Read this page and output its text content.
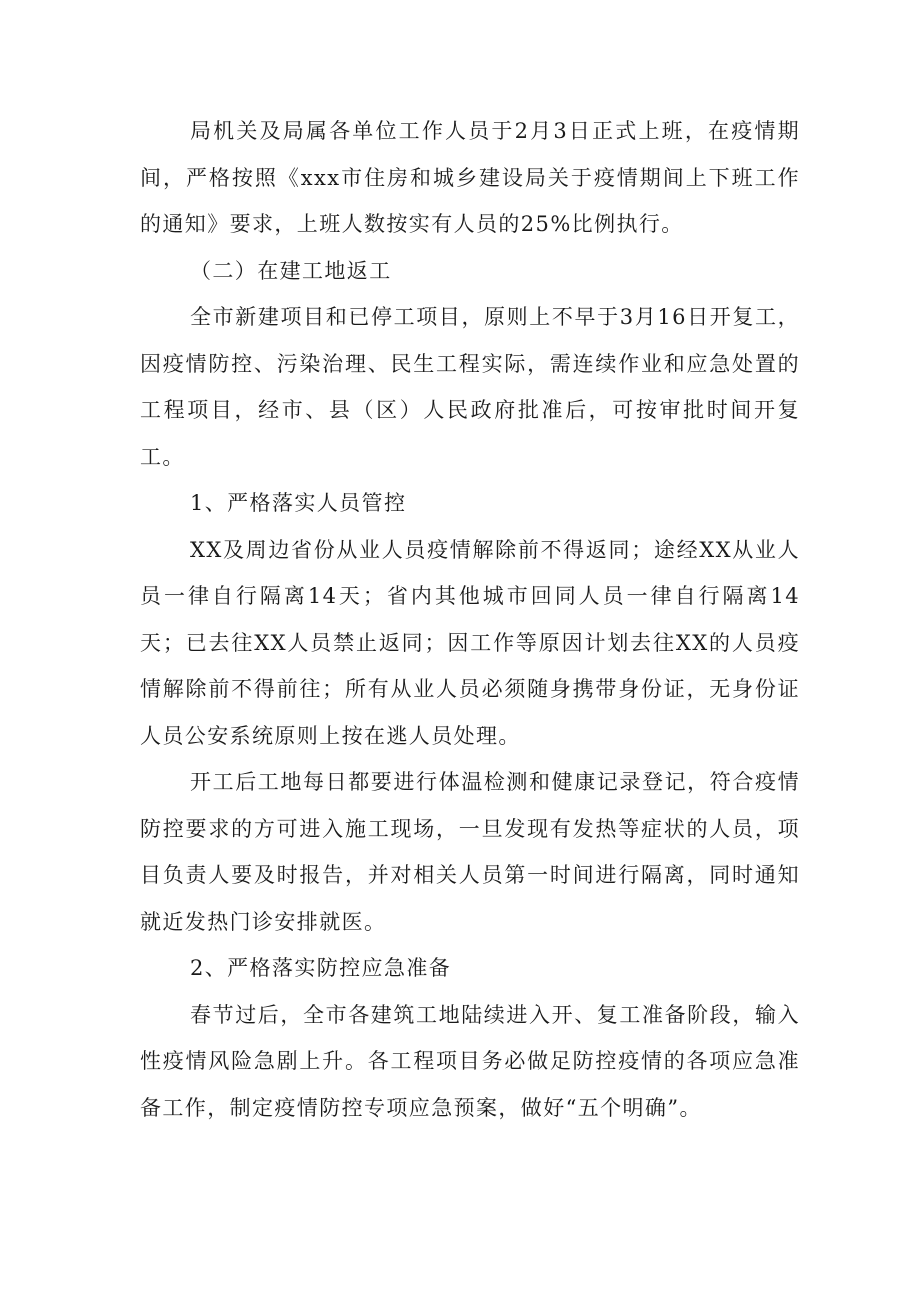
局机关及局属各单位工作人员于2月3日正式上班，在疫情期间，严格按照《xxx市住房和城乡建设局关于疫情期间上下班工作的通知》要求，上班人数按实有人员的25%比例执行。

（二）在建工地返工

全市新建项目和已停工项目，原则上不早于3月16日开复工，因疫情防控、污染治理、民生工程实际，需连续作业和应急处置的工程项目，经市、县（区）人民政府批准后，可按审批时间开复工。

1、严格落实人员管控

XX及周边省份从业人员疫情解除前不得返同；途经XX从业人员一律自行隔离14天；省内其他城市回同人员一律自行隔离14天；已去往XX人员禁止返同；因工作等原因计划去往XX的人员疫情解除前不得前往；所有从业人员必须随身携带身份证，无身份证人员公安系统原则上按在逃人员处理。

开工后工地每日都要进行体温检测和健康记录登记，符合疫情防控要求的方可进入施工现场，一旦发现有发热等症状的人员，项目负责人要及时报告，并对相关人员第一时间进行隔离，同时通知就近发热门诊安排就医。

2、严格落实防控应急准备

春节过后，全市各建筑工地陆续进入开、复工准备阶段，输入性疫情风险急剧上升。各工程项目务必做足防控疫情的各项应急准备工作，制定疫情防控专项应急预案，做好“五个明确”。
